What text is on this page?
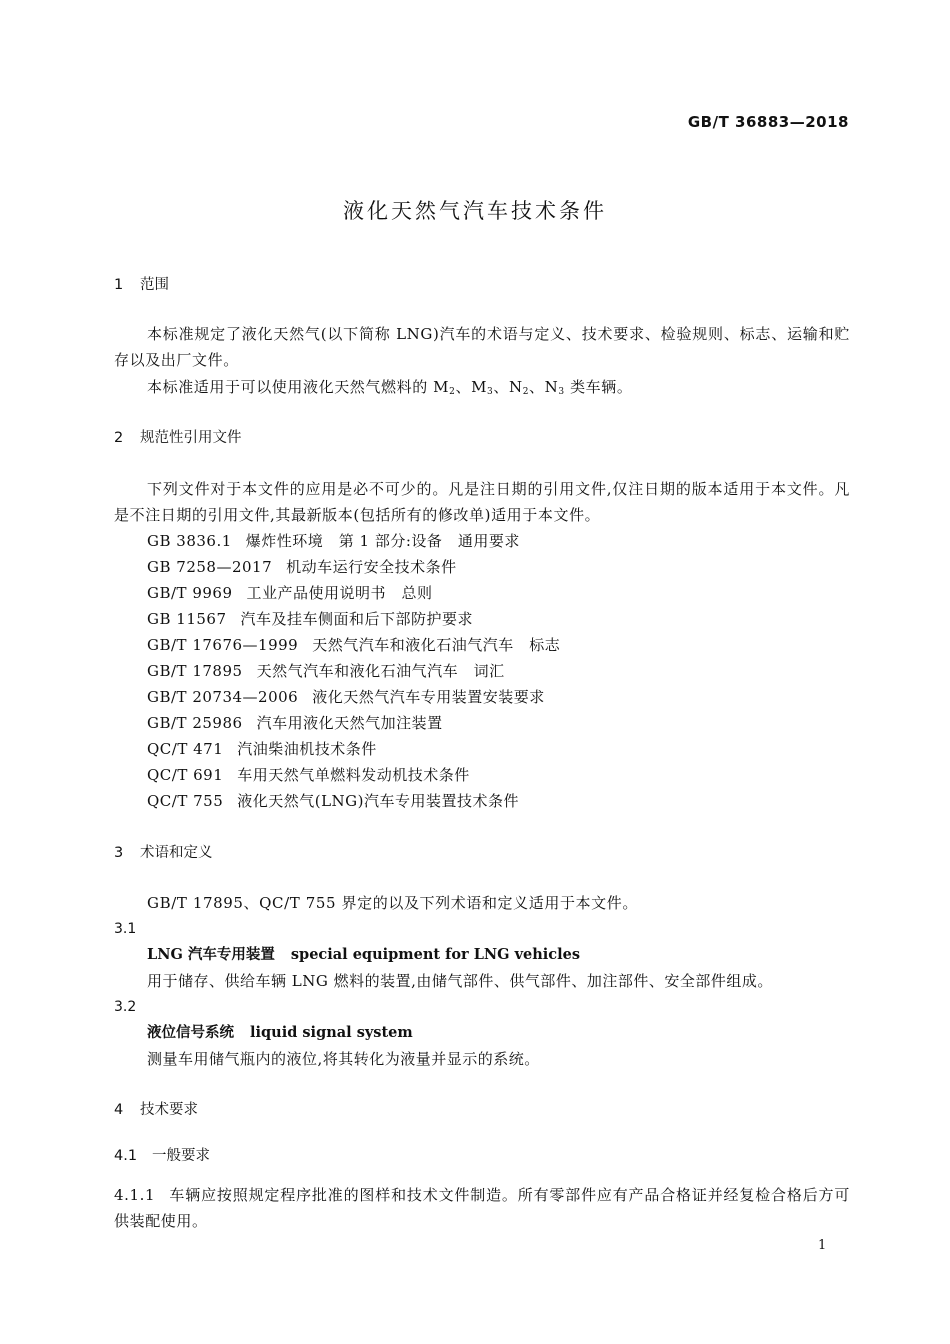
GB/T 36883—2018
液化天然气汽车技术条件
1 范围
本标准规定了液化天然气(以下简称 LNG)汽车的术语与定义、技术要求、检验规则、标志、运输和贮存以及出厂文件。
本标准适用于可以使用液化天然气燃料的 $M_2$、$M_3$、$N_2$、$N_3$ 类车辆。
2 规范性引用文件
下列文件对于本文件的应用是必不可少的。凡是注日期的引用文件,仅注日期的版本适用于本文件。凡是不注日期的引用文件,其最新版本(包括所有的修改单)适用于本文件。
GB 3836.1 爆炸性环境　第 1 部分:设备　通用要求
GB 7258—2017 机动车运行安全技术条件
GB/T 9969 工业产品使用说明书　总则
GB 11567 汽车及挂车侧面和后下部防护要求
GB/T 17676—1999 天然气汽车和液化石油气汽车　标志
GB/T 17895 天然气汽车和液化石油气汽车　词汇
GB/T 20734—2006 液化天然气汽车专用装置安装要求
GB/T 25986 汽车用液化天然气加注装置
QC/T 471 汽油柴油机技术条件
QC/T 691 车用天然气单燃料发动机技术条件
QC/T 755 液化天然气(LNG)汽车专用装置技术条件
3 术语和定义
GB/T 17895、QC/T 755 界定的以及下列术语和定义适用于本文件。
3.1
LNG 汽车专用装置 special equipment for LNG vehicles
用于储存、供给车辆 LNG 燃料的装置,由储气部件、供气部件、加注部件、安全部件组成。
3.2
液位信号系统 liquid signal system
测量车用储气瓶内的液位,将其转化为液量并显示的系统。
4 技术要求
4.1 一般要求
4.1.1 车辆应按照规定程序批准的图样和技术文件制造。所有零部件应有产品合格证并经复检合格后方可供装配使用。
1
